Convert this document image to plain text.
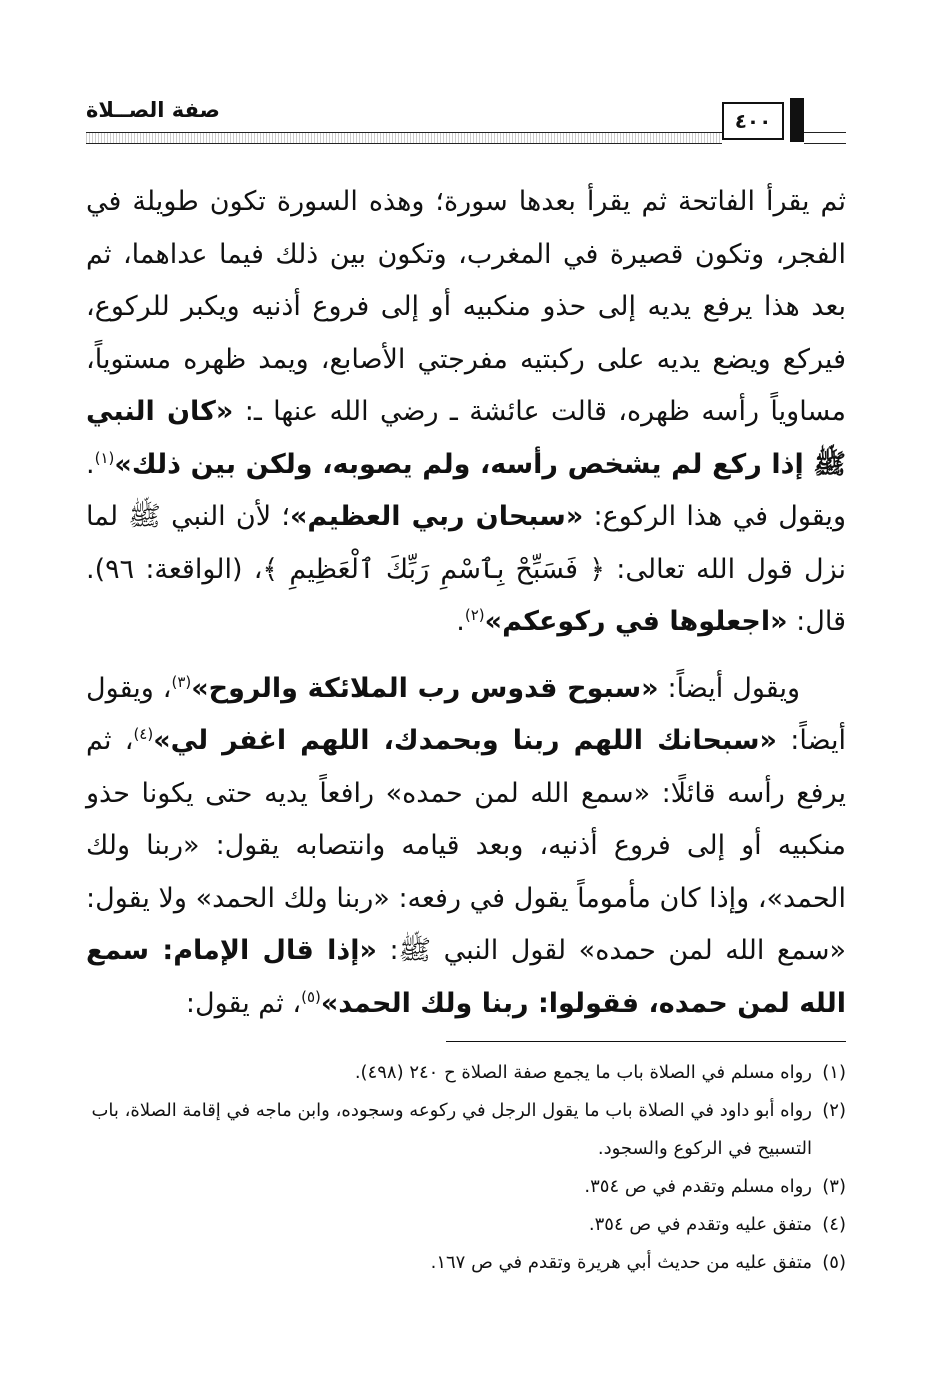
صفة الصــلاة	٤٠٠

ثم يقرأ الفاتحة ثم يقرأ بعدها سورة؛ وهذه السورة تكون طويلة في الفجر، وتكون قصيرة في المغرب، وتكون بين ذلك فيما عداهما، ثم بعد هذا يرفع يديه إلى حذو منكبيه أو إلى فروع أذنيه ويكبر للركوع، فيركع ويضع يديه على ركبتيه مفرجتي الأصابع، ويمد ظهره مستوياً، مساوياً رأسه ظهره، قالت عائشة ـ رضي الله عنها ـ: «كان النبي ﷺ إذا ركع لم يشخص رأسه، ولم يصوبه، ولكن بين ذلك»$^{(١)}$. ويقول في هذا الركوع: «سبحان ربي العظيم»؛ لأن النبي ﷺ لما نزل قول الله تعالى: ﴿ فَسَبِّحْ بِٱسْمِ رَبِّكَ ٱلْعَظِيمِ ﴾، (الواقعة: ٩٦). قال: «اجعلوها في ركوعكم»$^{(٢)}$.

ويقول أيضاً: «سبوح قدوس رب الملائكة والروح»$^{(٣)}$، ويقول أيضاً: «سبحانك اللهم ربنا وبحمدك، اللهم اغفر لي»$^{(٤)}$، ثم يرفع رأسه قائلًا: «سمع الله لمن حمده» رافعاً يديه حتى يكونا حذو منكبيه أو إلى فروع أذنيه، وبعد قيامه وانتصابه يقول: «ربنا ولك الحمد»، وإذا كان مأموماً يقول في رفعه: «ربنا ولك الحمد» ولا يقول: «سمع الله لمن حمده» لقول النبي ﷺ: «إذا قال الإمام: سمع الله لمن حمده، فقولوا: ربنا ولك الحمد»$^{(٥)}$، ثم يقول:

(١)
رواه مسلم في الصلاة باب ما يجمع صفة الصلاة ح ٢٤٠ (٤٩٨).
(٢)
رواه أبو داود في الصلاة باب ما يقول الرجل في ركوعه وسجوده، وابن ماجه في إقامة الصلاة، باب التسبيح في الركوع والسجود.
(٣)
رواه مسلم وتقدم في ص ٣٥٤.
(٤)
متفق عليه وتقدم في ص ٣٥٤.
(٥)
متفق عليه من حديث أبي هريرة وتقدم في ص ١٦٧.
